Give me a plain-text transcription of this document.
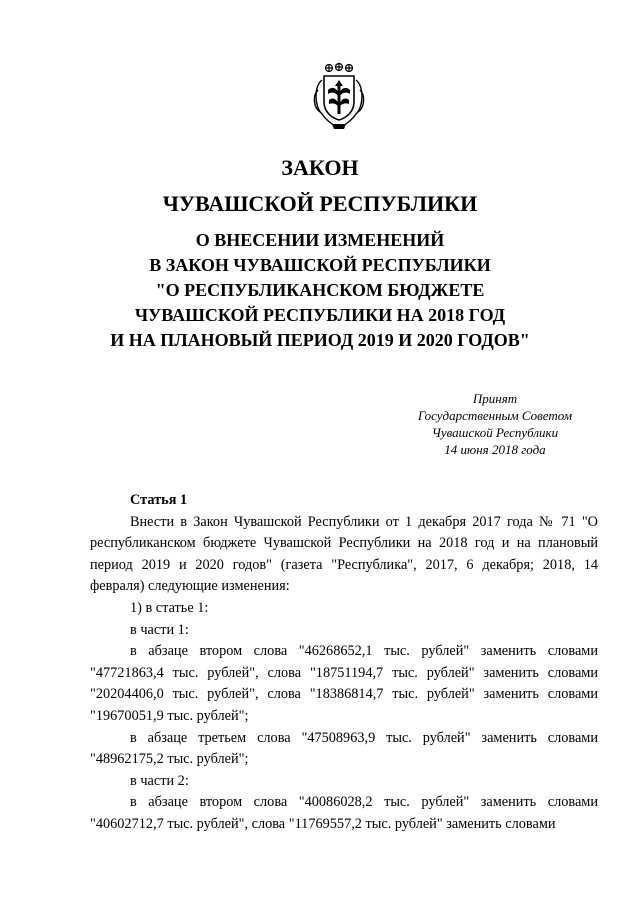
ЗАКОН
ЧУВАШСКОЙ РЕСПУБЛИКИ
О ВНЕСЕНИИ ИЗМЕНЕНИЙ
В ЗАКОН ЧУВАШСКОЙ РЕСПУБЛИКИ
"О РЕСПУБЛИКАНСКОМ БЮДЖЕТЕ
ЧУВАШСКОЙ РЕСПУБЛИКИ НА 2018 ГОД
И НА ПЛАНОВЫЙ ПЕРИОД 2019 И 2020 ГОДОВ"
Принят
Государственным Советом
Чувашской Республики
14 июня 2018 года

Статья 1

Внести в Закон Чувашской Республики от 1 декабря 2017 года № 71 "О республиканском бюджете Чувашской Республики на 2018 год и на плановый период 2019 и 2020 годов" (газета "Республика", 2017, 6 декабря; 2018, 14 февраля) следующие изменения:

1) в статье 1:

в части 1:

в абзаце втором слова "46268652,1 тыс. рублей" заменить словами "47721863,4 тыс. рублей", слова "18751194,7 тыс. рублей" заменить словами "20204406,0 тыс. рублей", слова "18386814,7 тыс. рублей" заменить словами "19670051,9 тыс. рублей";

в абзаце третьем слова "47508963,9 тыс. рублей" заменить словами "48962175,2 тыс. рублей";

в части 2:

в абзаце втором слова "40086028,2 тыс. рублей" заменить словами "40602712,7 тыс. рублей", слова "11769557,2 тыс. рублей" заменить словами
